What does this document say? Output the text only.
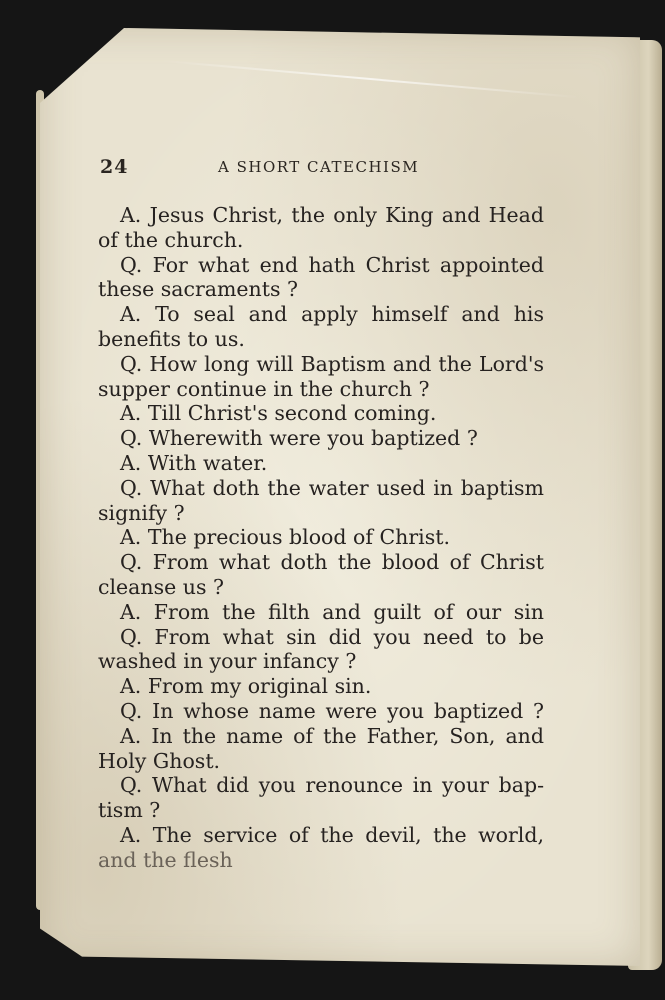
24	A SHORT CATECHISM
A. Jesus Christ, the only King and Head
of the church.
Q. For what end hath Christ appointed
these sacraments ?
A. To seal and apply himself and his
benefits to us.
Q. How long will Baptism and the Lord's
supper continue in the church ?
A. Till Christ's second coming.
Q. Wherewith were you baptized ?
A. With water.
Q. What doth the water used in baptism
signify ?
A. The precious blood of Christ.
Q. From what doth the blood of Christ
cleanse us ?
A. From the filth and guilt of our sin
Q. From what sin did you need to be
washed in your infancy ?
A. From my original sin.
Q. In whose name were you baptized ?
A. In the name of the Father, Son, and
Holy Ghost.
Q. What did you renounce in your bap-
tism ?
A. The service of the devil, the world,
and the flesh
